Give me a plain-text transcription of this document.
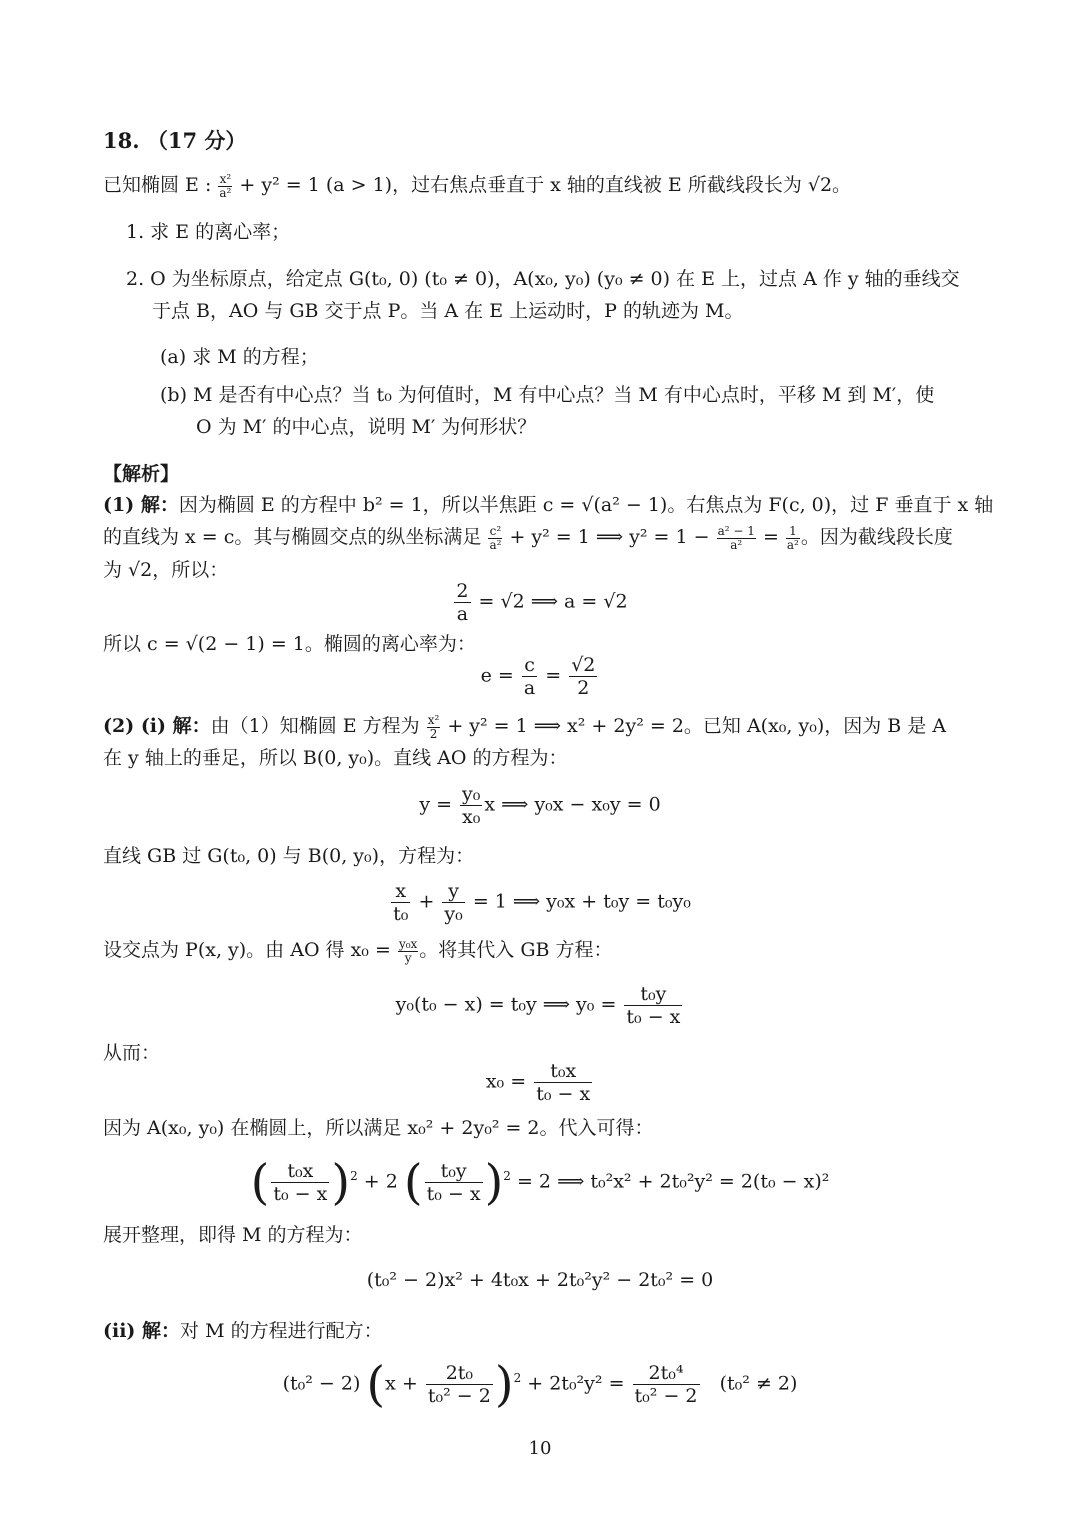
18. （17 分）
已知椭圆 E : $\frac{\text{x²}}{\text{a²}} + y^2 = 1$ (a > 1)，过右焦点垂直于 x 轴的直线被 E 所截线段长为 √2。
1. 求 E 的离心率；
2. O 为坐标原点，给定点 G(t₀, 0) (t₀ ≠ 0)，A(x₀, y₀) (y₀ ≠ 0) 在 E 上，过点 A 作 y 轴的垂线交
于点 B，AO 与 GB 交于点 P。当 A 在 E 上运动时，P 的轨迹为 M。
(a) 求 M 的方程；
(b) M 是否有中心点？当 t₀ 为何值时，M 有中心点？当 M 有中心点时，平移 M 到 M′，使
O 为 M′ 的中心点，说明 M′ 为何形状？
【解析】
(1) 解：因为椭圆 E 的方程中 b² = 1，所以半焦距 c = √(a² − 1)。右焦点为 F(c, 0)，过 F 垂直于 x 轴
的直线为 x = c。其与椭圆交点的纵坐标满足 $\frac{\text{c²}}{\text{a²}} + y^2 = 1$ ⟹ $y^2 = 1 - \frac{\text{a² − 1}}{\text{a²}} = \frac{1}{\text{a²}}$ 。因为截线段长度
为 √2，所以：
$\frac{2}{a} = √2$ ⟹ a = √2
所以 c = √(2 − 1) = 1。椭圆的离心率为：
$e = \frac{c}{a} = \frac{√2}{2}$
(2) (i) 解：由（1）知椭圆 E 方程为 $\frac{\text{x²}}{2} + y^2 = 1$ ⟹ x² + 2y² = 2。已知 A(x₀, y₀)，因为 B 是 A
在 y 轴上的垂足，所以 B(0, y₀)。直线 AO 的方程为：
$y = \frac{\text{y₀}}{\text{x₀}}$ x ⟹ y₀x − x₀y = 0
直线 GB 过 G(t₀, 0) 与 B(0, y₀)，方程为：
$\frac{x}{\text{t₀}} + \frac{y}{\text{y₀}} = 1$ ⟹ y₀x + t₀y = t₀y₀
设交点为 P(x, y)。由 AO 得 $x_0 = \frac{\text{y₀x}}{y}$ 。将其代入 GB 方程：
y₀(t₀ − x) = t₀y ⟹ $y_0 = \frac{\text{t₀y}}{\text{t₀ − x}}$
从而：
$x_0 = \frac{\text{t₀x}}{\text{t₀ − x}}$
因为 A(x₀, y₀) 在椭圆上，所以满足 x₀² + 2y₀² = 2。代入可得：
( $\frac{\text{t₀x}}{\text{t₀ − x}} )^2 + 2$ ( $\frac{\text{t₀y}}{\text{t₀ − x}} )^2 = 2$ ⟹ t₀²x² + 2t₀²y² = 2(t₀ − x)²
展开整理，即得 M 的方程为：
(t₀² − 2)x² + 4t₀x + 2t₀²y² − 2t₀² = 0
(ii) 解：对 M 的方程进行配方：
(t₀² − 2) $(x + \frac{\text{2t₀}}{\text{t₀² − 2}} )^2 + 2t_0^2y^2 = \frac{\text{2t₀⁴}}{\text{t₀² − 2}} (t_0^2 \ne 2)$
10
